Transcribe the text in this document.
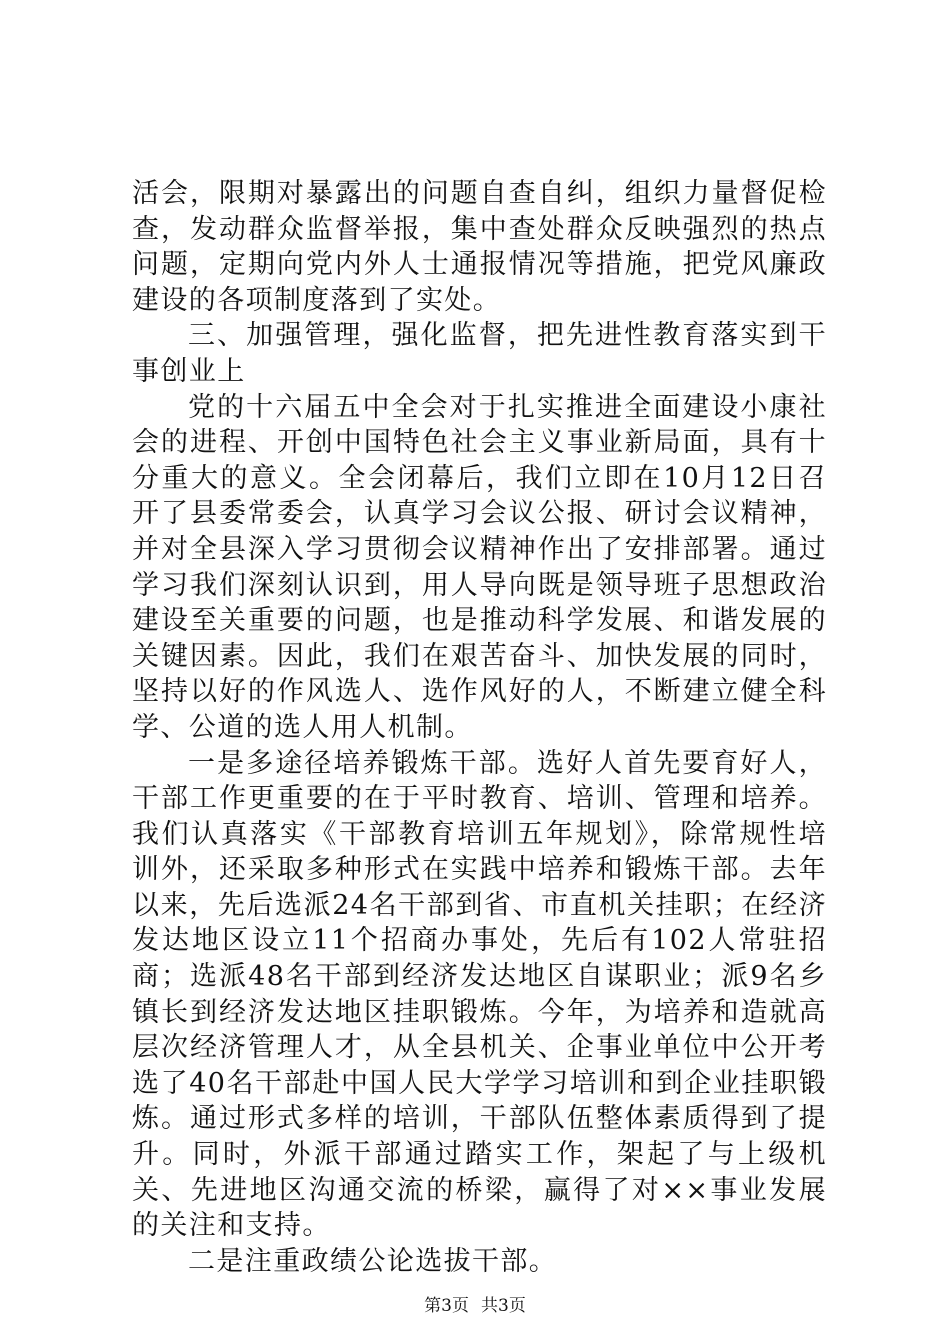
活会，限期对暴露出的问题自查自纠，组织力量督促检查，发动群众监督举报，集中查处群众反映强烈的热点问题，定期向党内外人士通报情况等措施，把党风廉政建设的各项制度落到了实处。

三、加强管理，强化监督，把先进性教育落实到干事创业上

党的十六届五中全会对于扎实推进全面建设小康社会的进程、开创中国特色社会主义事业新局面，具有十分重大的意义。全会闭幕后，我们立即在10月12日召开了县委常委会，认真学习会议公报、研讨会议精神，并对全县深入学习贯彻会议精神作出了安排部署。通过学习我们深刻认识到，用人导向既是领导班子思想政治建设至关重要的问题，也是推动科学发展、和谐发展的关键因素。因此，我们在艰苦奋斗、加快发展的同时，坚持以好的作风选人、选作风好的人，不断建立健全科学、公道的选人用人机制。

一是多途径培养锻炼干部。选好人首先要育好人，干部工作更重要的在于平时教育、培训、管理和培养。我们认真落实《干部教育培训五年规划》，除常规性培训外，还采取多种形式在实践中培养和锻炼干部。去年以来，先后选派24名干部到省、市直机关挂职；在经济发达地区设立11个招商办事处，先后有102人常驻招商；选派48名干部到经济发达地区自谋职业；派9名乡镇长到经济发达地区挂职锻炼。今年，为培养和造就高层次经济管理人才，从全县机关、企事业单位中公开考选了40名干部赴中国人民大学学习培训和到企业挂职锻炼。通过形式多样的培训，干部队伍整体素质得到了提升。同时，外派干部通过踏实工作，架起了与上级机关、先进地区沟通交流的桥梁，赢得了对××事业发展的关注和支持。

二是注重政绩公论选拔干部。

第3页 共3页
